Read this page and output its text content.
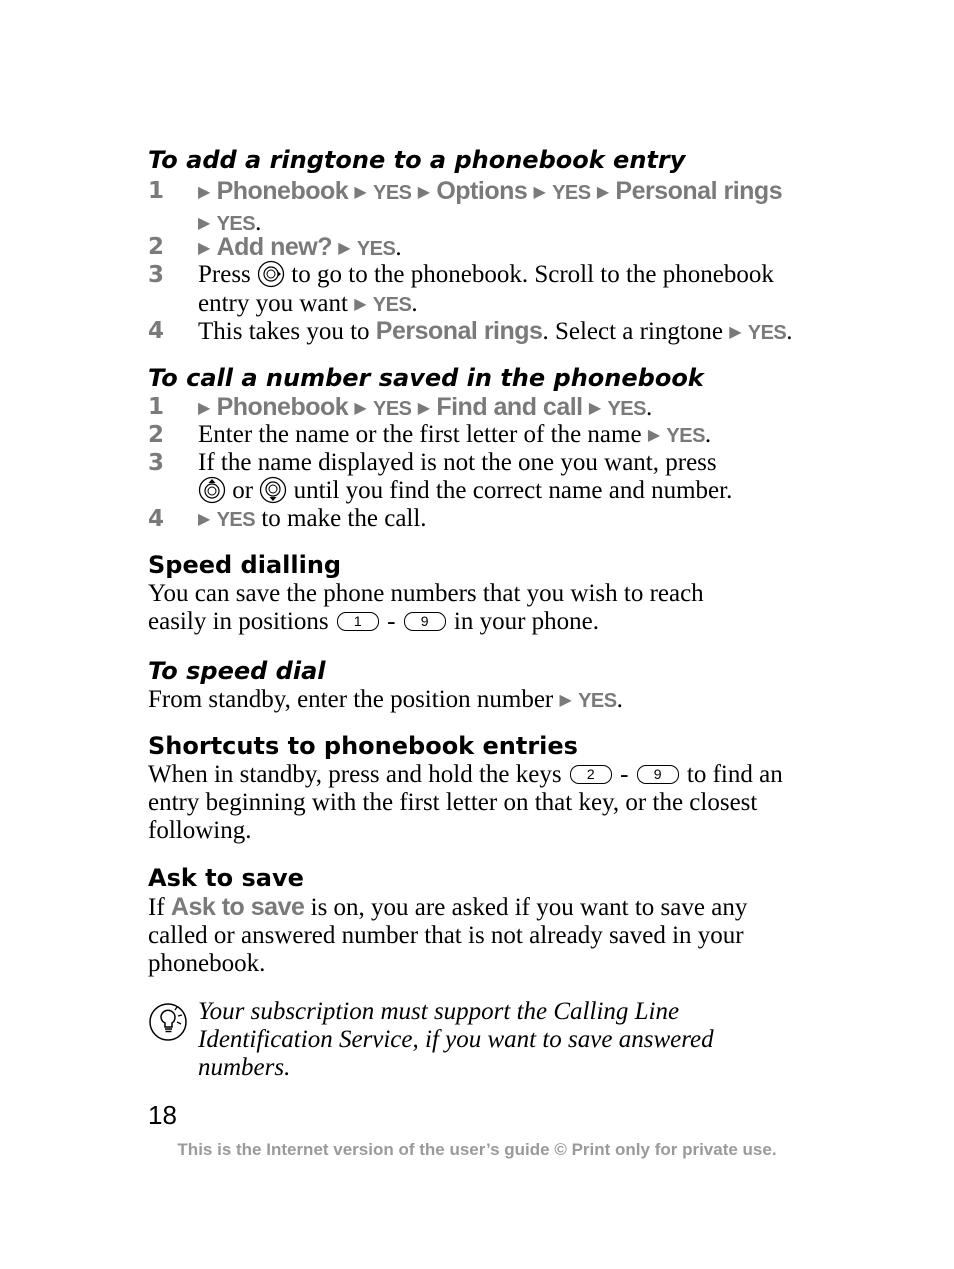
To add a ringtone to a phonebook entry
1 ▶ Phonebook ▶ YES ▶ Options ▶ YES ▶ Personal rings
▶ YES.
2 ▶ Add new? ▶ YES.
3 Press to go to the phonebook. Scroll to the phonebook entry you want ▶ YES.
4 This takes you to Personal rings. Select a ringtone ▶ YES.
To call a number saved in the phonebook
1 ▶ Phonebook ▶ YES ▶ Find and call ▶ YES.
2 Enter the name or the first letter of the name ▶ YES.
3 If the name displayed is not the one you want, press
or until you find the correct name and number.
4 ▶ YES to make the call.
Speed dialling
You can save the phone numbers that you wish to reach easily in positions 1 - 9 in your phone.
To speed dial
From standby, enter the position number ▶ YES.
Shortcuts to phonebook entries
When in standby, press and hold the keys 2 - 9 to find an entry beginning with the first letter on that key, or the closest following.
Ask to save
If Ask to save is on, you are asked if you want to save any called or answered number that is not already saved in your phonebook.
Your subscription must support the Calling Line Identification Service, if you want to save answered numbers.
18
This is the Internet version of the user’s guide © Print only for private use.
